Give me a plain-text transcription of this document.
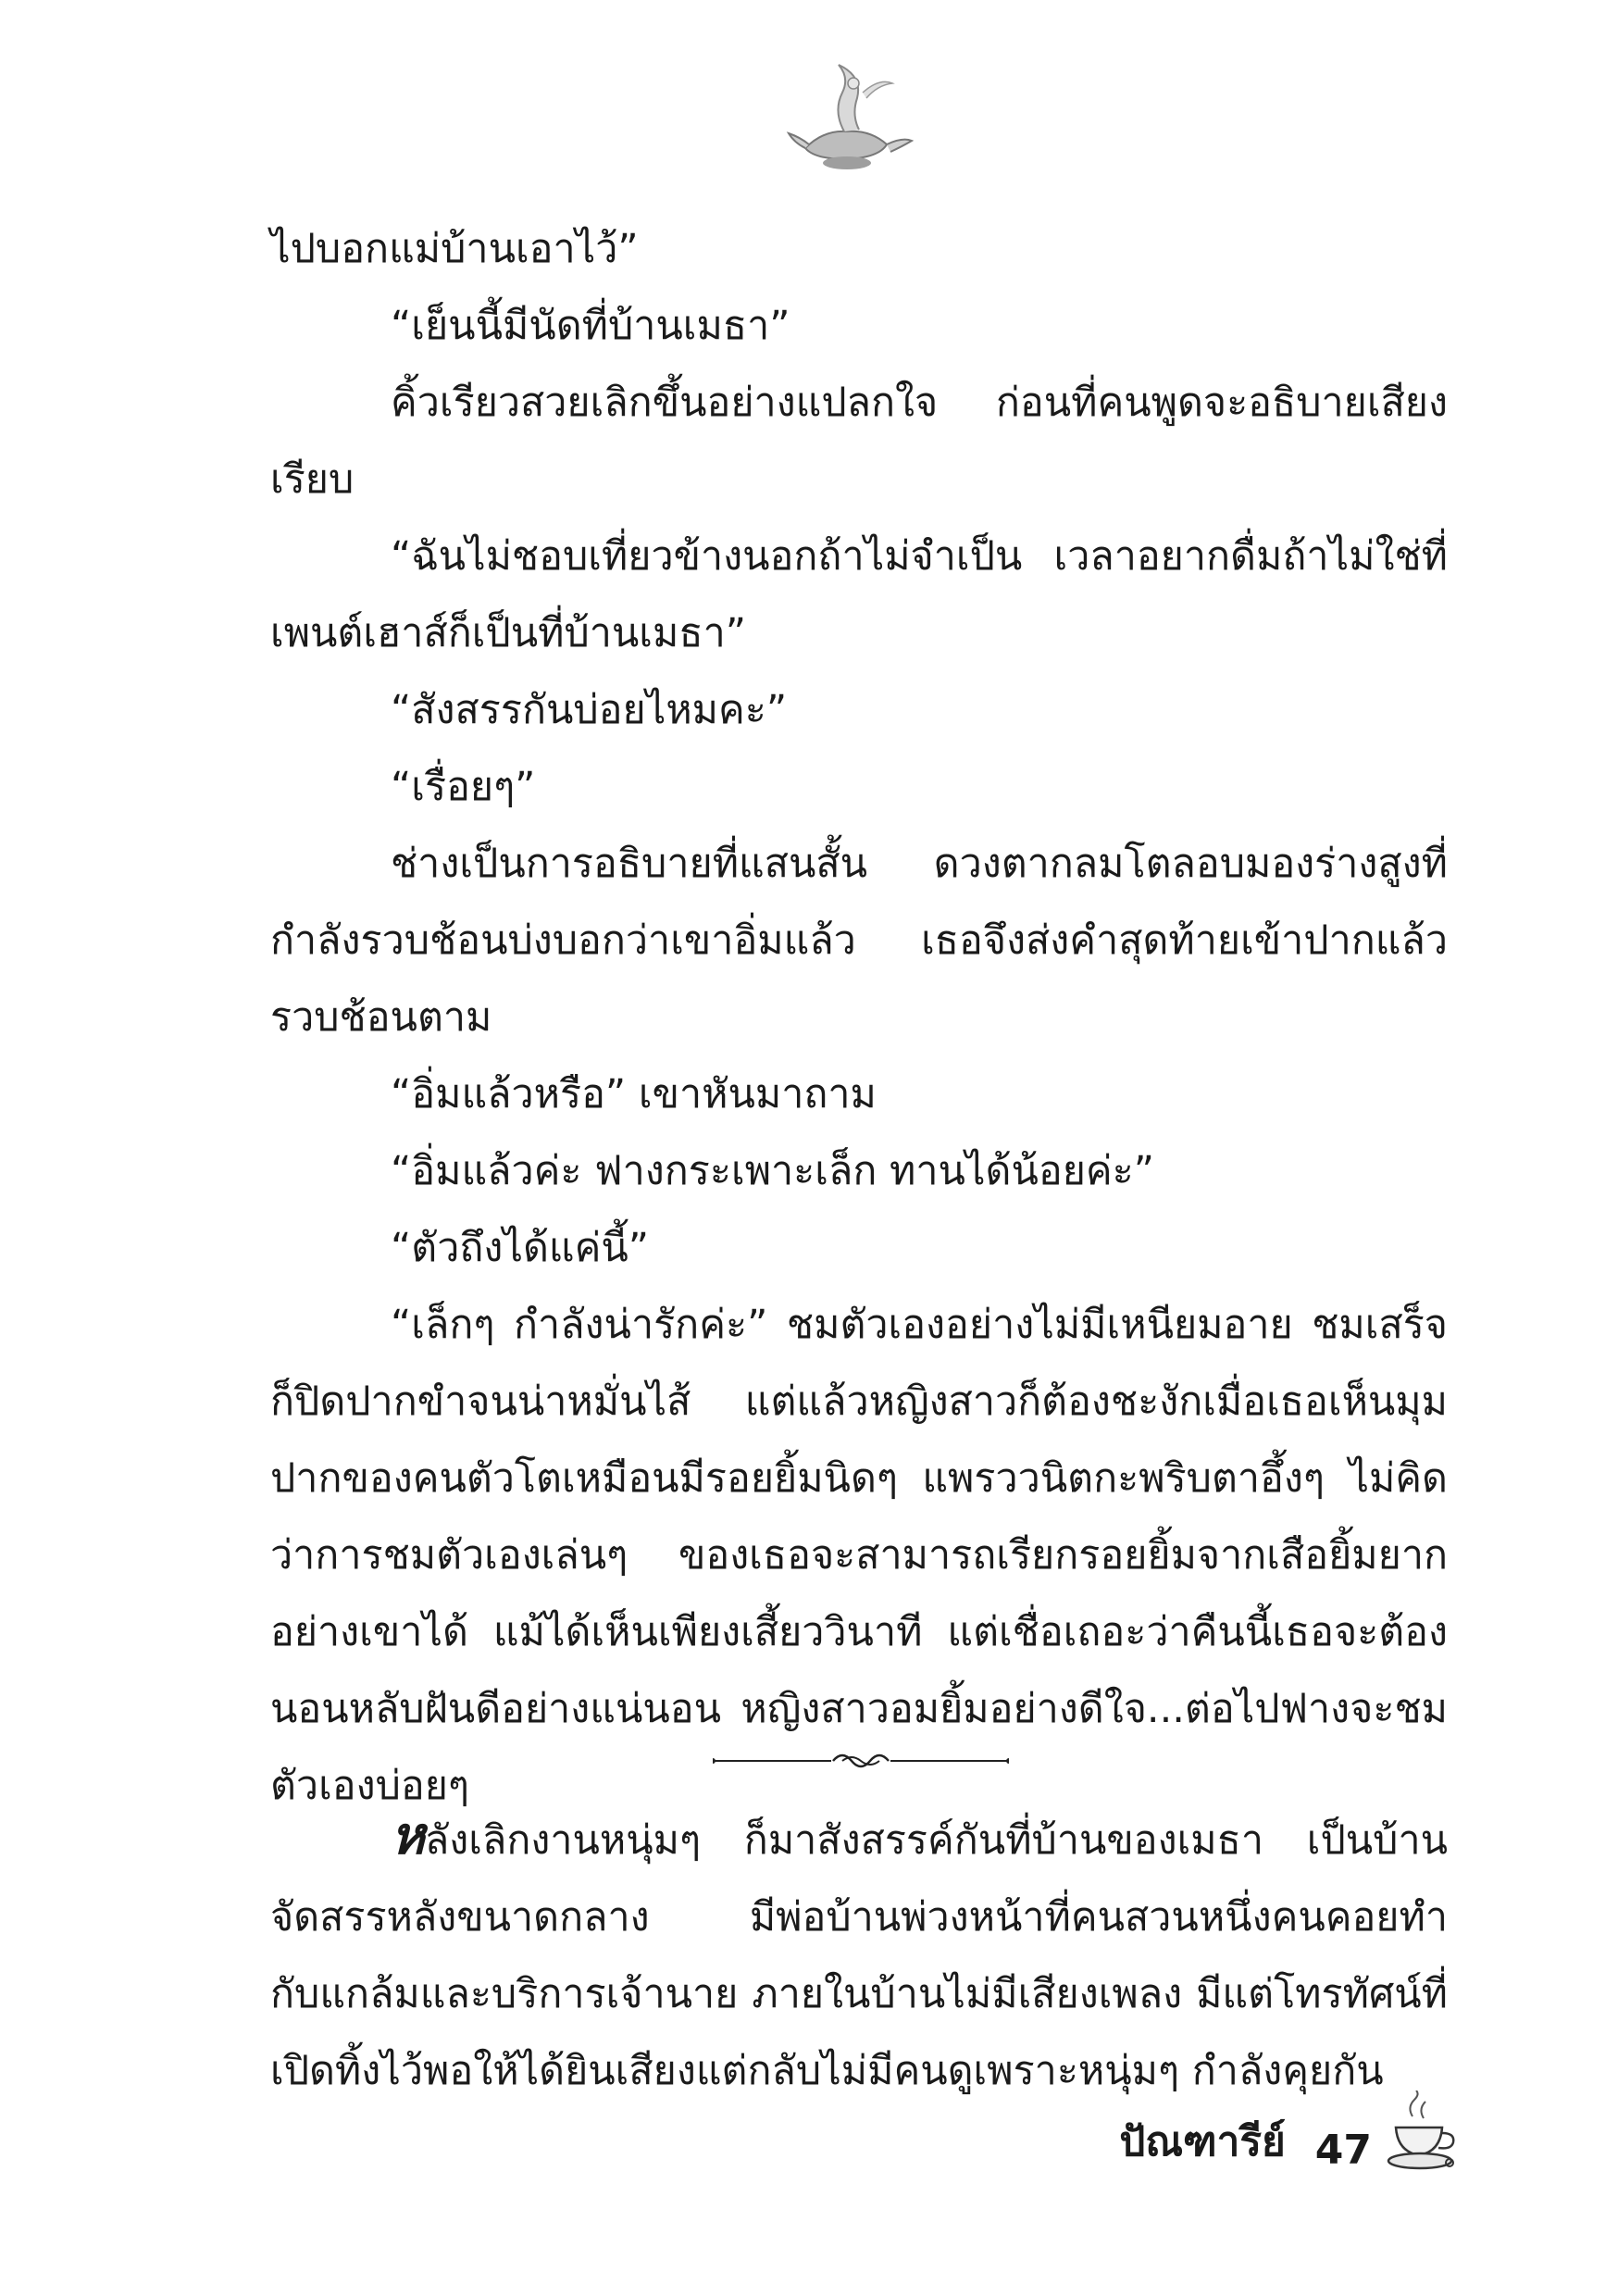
ไปบอกแม่บ้านเอาไว้”

“เย็นนี้มีนัดที่บ้านเมธา”

คิ้วเรียวสวยเลิกขึ้นอย่างแปลกใจ ก่อนที่คนพูดจะอธิบายเสียงเรียบ

“ฉันไม่ชอบเที่ยวข้างนอกถ้าไม่จำเป็น เวลาอยากดื่มถ้าไม่ใช่ที่เพนต์เฮาส์ก็เป็นที่บ้านเมธา”

“สังสรรกันบ่อยไหมคะ”

“เรื่อยๆ”

ช่างเป็นการอธิบายที่แสนสั้น ดวงตากลมโตลอบมองร่างสูงที่กำลังรวบช้อนบ่งบอกว่าเขาอิ่มแล้ว เธอจึงส่งคำสุดท้ายเข้าปากแล้วรวบช้อนตาม

“อิ่มแล้วหรือ” เขาหันมาถาม

“อิ่มแล้วค่ะ ฟางกระเพาะเล็ก ทานได้น้อยค่ะ”

“ตัวถึงได้แค่นี้”

“เล็กๆ กำลังน่ารักค่ะ” ชมตัวเองอย่างไม่มีเหนียมอาย ชมเสร็จก็ปิดปากขำจนน่าหมั่นไส้ แต่แล้วหญิงสาวก็ต้องชะงักเมื่อเธอเห็นมุมปากของคนตัวโตเหมือนมีรอยยิ้มนิดๆ แพรววนิตกะพริบตาอึ้งๆ ไม่คิดว่าการชมตัวเองเล่นๆ ของเธอจะสามารถเรียกรอยยิ้มจากเสือยิ้มยากอย่างเขาได้ แม้ได้เห็นเพียงเสี้ยววินาที แต่เชื่อเถอะว่าคืนนี้เธอจะต้องนอนหลับฝันดีอย่างแน่นอน หญิงสาวอมยิ้มอย่างดีใจ...ต่อไปฟางจะชมตัวเองบ่อยๆ

หลังเลิกงานหนุ่มๆ ก็มาสังสรรค์กันที่บ้านของเมธา เป็นบ้านจัดสรรหลังขนาดกลาง มีพ่อบ้านพ่วงหน้าที่คนสวนหนึ่งคนคอยทำกับแกล้มและบริการเจ้านาย ภายในบ้านไม่มีเสียงเพลง มีแต่โทรทัศน์ที่เปิดทิ้งไว้พอให้ได้ยินเสียงแต่กลับไม่มีคนดูเพราะหนุ่มๆ กำลังคุยกัน

ปัณฑารีย์ 47
